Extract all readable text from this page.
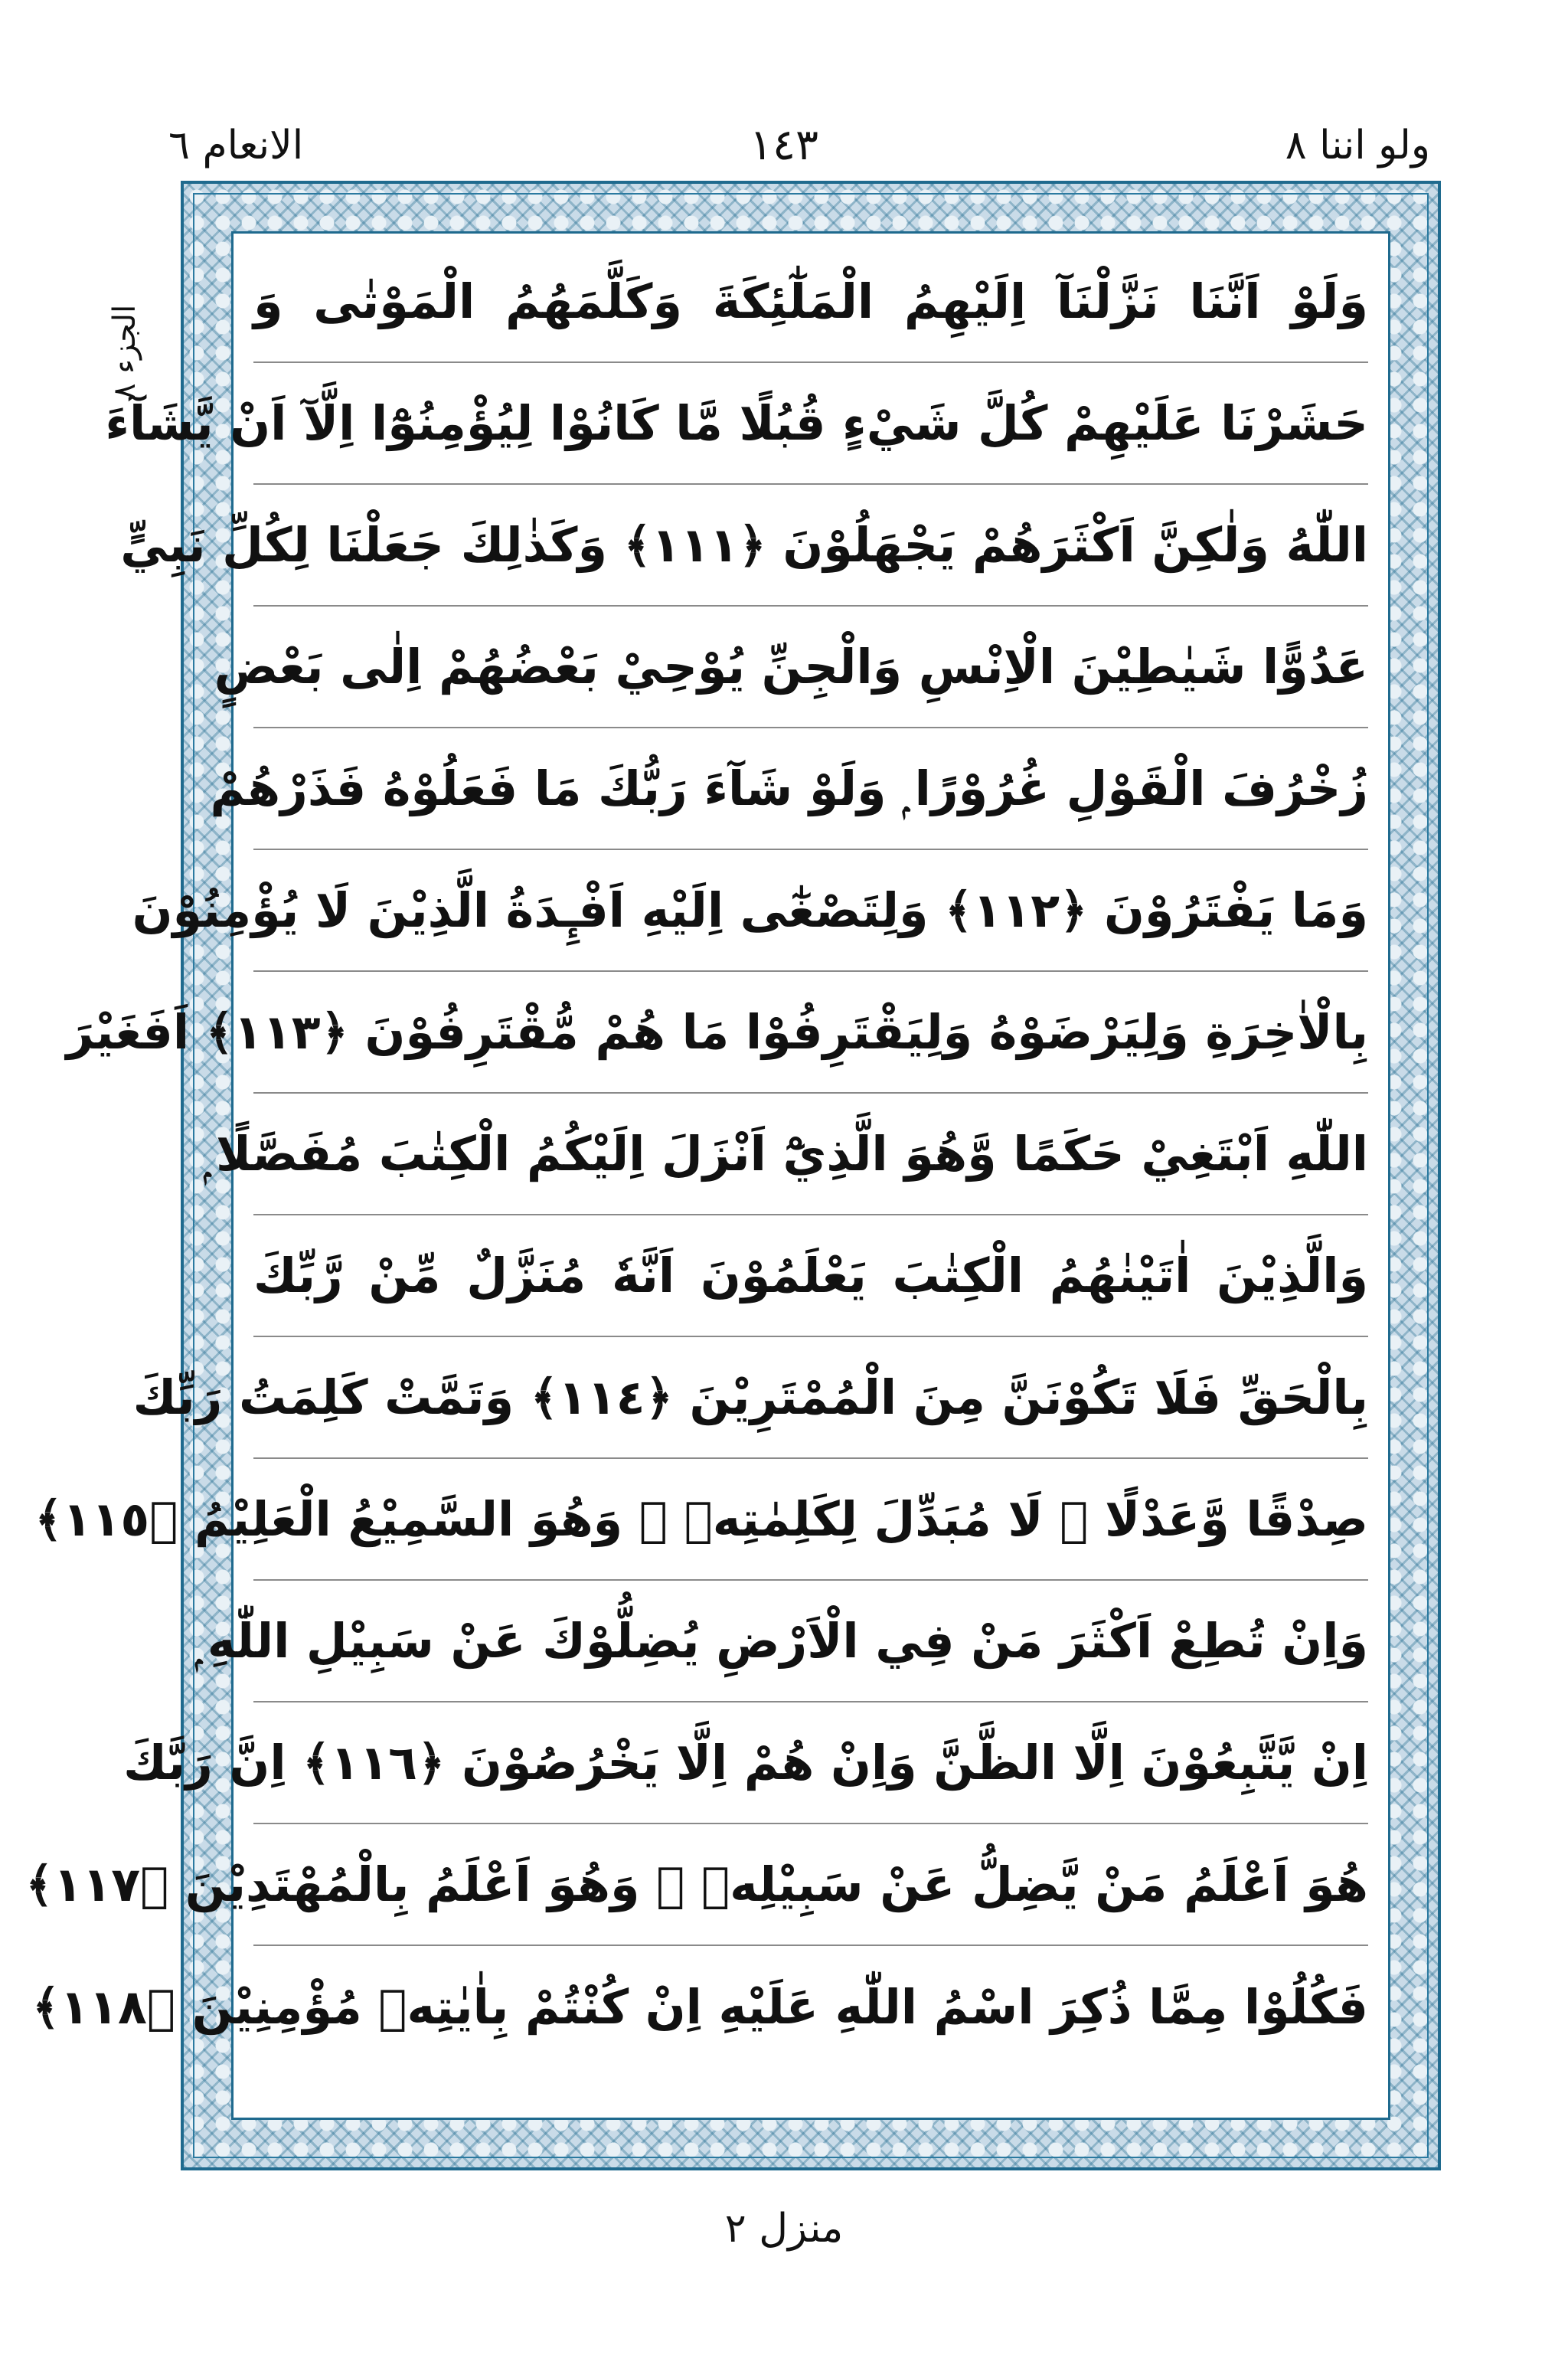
الانعام ٦	١٤٣	ولو اننا ٨
الجزء ٨
وَلَوْ اَنَّنَا نَزَّلْنَآ اِلَيْهِمُ الْمَلٰٓئِكَةَ وَكَلَّمَهُمُ الْمَوْتٰى وَ
حَشَرْنَا عَلَيْهِمْ كُلَّ شَيْءٍ قُبُلًا مَّا كَانُوْا لِيُؤْمِنُوْٓا اِلَّآ اَنْ يَّشَآءَ
اللّٰهُ وَلٰكِنَّ اَكْثَرَهُمْ يَجْهَلُوْنَ ﴿١١١﴾ وَكَذٰلِكَ جَعَلْنَا لِكُلِّ نَبِيٍّ
عَدُوًّا شَيٰطِيْنَ الْاِنْسِ وَالْجِنِّ يُوْحِيْ بَعْضُهُمْ اِلٰى بَعْضٍ
زُخْرُفَ الْقَوْلِ غُرُوْرًا ۭ وَلَوْ شَآءَ رَبُّكَ مَا فَعَلُوْهُ فَذَرْهُمْ
وَمَا يَفْتَرُوْنَ ﴿١١٢﴾ وَلِتَصْغٰٓى اِلَيْهِ اَفْـِٕدَةُ الَّذِيْنَ لَا يُؤْمِنُوْنَ
بِالْاٰخِرَةِ وَلِيَرْضَوْهُ وَلِيَقْتَرِفُوْا مَا هُمْ مُّقْتَرِفُوْنَ ﴿١١٣﴾ اَفَغَيْرَ
اللّٰهِ اَبْتَغِيْ حَكَمًا وَّهُوَ الَّذِيْٓ اَنْزَلَ اِلَيْكُمُ الْكِتٰبَ مُفَصَّلًا ۭ
وَالَّذِيْنَ اٰتَيْنٰهُمُ الْكِتٰبَ يَعْلَمُوْنَ اَنَّهٗ مُنَزَّلٌ مِّنْ رَّبِّكَ
بِالْحَقِّ فَلَا تَكُوْنَنَّ مِنَ الْمُمْتَرِيْنَ ﴿١١٤﴾ وَتَمَّتْ كَلِمَتُ رَبِّكَ
صِدْقًا وَّعَدْلًا ۭ لَا مُبَدِّلَ لِكَلِمٰتِهٖ ۚ وَهُوَ السَّمِيْعُ الْعَلِيْمُ ﴿١١٥﴾
وَاِنْ تُطِعْ اَكْثَرَ مَنْ فِي الْاَرْضِ يُضِلُّوْكَ عَنْ سَبِيْلِ اللّٰهِ ۭ
اِنْ يَّتَّبِعُوْنَ اِلَّا الظَّنَّ وَاِنْ هُمْ اِلَّا يَخْرُصُوْنَ ﴿١١٦﴾ اِنَّ رَبَّكَ
هُوَ اَعْلَمُ مَنْ يَّضِلُّ عَنْ سَبِيْلِهٖ ۚ وَهُوَ اَعْلَمُ بِالْمُهْتَدِيْنَ ﴿١١٧﴾
فَكُلُوْا مِمَّا ذُكِرَ اسْمُ اللّٰهِ عَلَيْهِ اِنْ كُنْتُمْ بِاٰيٰتِهٖ مُؤْمِنِيْنَ ﴿١١٨﴾
منزل ٢
